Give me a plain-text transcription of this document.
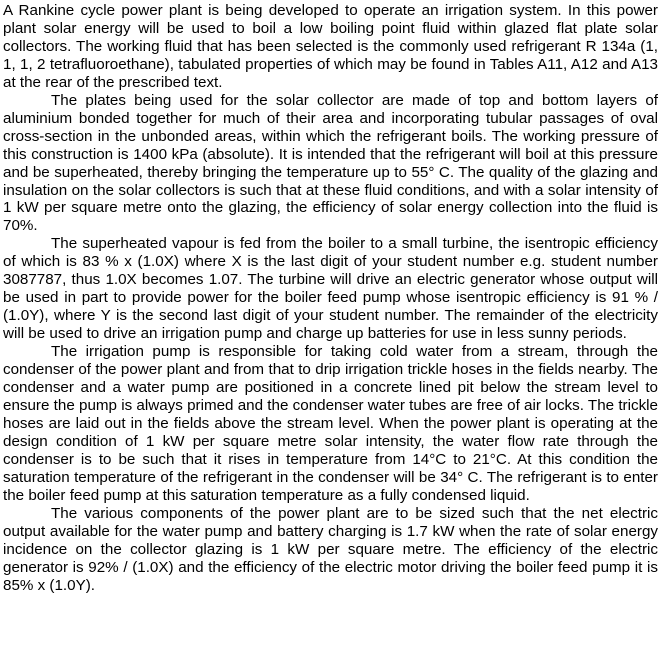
A Rankine cycle power plant is being developed to operate an irrigation system. In this power plant solar energy will be used to boil a low boiling point fluid within glazed flat plate solar collectors. The working fluid that has been selected is the commonly used refrigerant R 134a (1, 1, 1, 2 tetrafluoroethane), tabulated properties of which may be found in Tables A11, A12 and A13 at the rear of the prescribed text.

The plates being used for the solar collector are made of top and bottom layers of aluminium bonded together for much of their area and incorporating tubular passages of oval cross-section in the unbonded areas, within which the refrigerant boils. The working pressure of this construction is 1400 kPa (absolute). It is intended that the refrigerant will boil at this pressure and be superheated, thereby bringing the temperature up to 55° C. The quality of the glazing and insulation on the solar collectors is such that at these fluid conditions, and with a solar intensity of 1 kW per square metre onto the glazing, the efficiency of solar energy collection into the fluid is 70%.

The superheated vapour is fed from the boiler to a small turbine, the isentropic efficiency of which is 83 % x (1.0X) where X is the last digit of your student number e.g. student number 3087787, thus 1.0X becomes 1.07. The turbine will drive an electric generator whose output will be used in part to provide power for the boiler feed pump whose isentropic efficiency is 91 % / (1.0Y), where Y is the second last digit of your student number. The remainder of the electricity will be used to drive an irrigation pump and charge up batteries for use in less sunny periods.

The irrigation pump is responsible for taking cold water from a stream, through the condenser of the power plant and from that to drip irrigation trickle hoses in the fields nearby. The condenser and a water pump are positioned in a concrete lined pit below the stream level to ensure the pump is always primed and the condenser water tubes are free of air locks. The trickle hoses are laid out in the fields above the stream level. When the power plant is operating at the design condition of 1 kW per square metre solar intensity, the water flow rate through the condenser is to be such that it rises in temperature from 14°C to 21°C. At this condition the saturation temperature of the refrigerant in the condenser will be 34° C. The refrigerant is to enter the boiler feed pump at this saturation temperature as a fully condensed liquid.

The various components of the power plant are to be sized such that the net electric output available for the water pump and battery charging is 1.7 kW when the rate of solar energy incidence on the collector glazing is 1 kW per square metre. The efficiency of the electric generator is 92% / (1.0X) and the efficiency of the electric motor driving the boiler feed pump it is 85% x (1.0Y).
